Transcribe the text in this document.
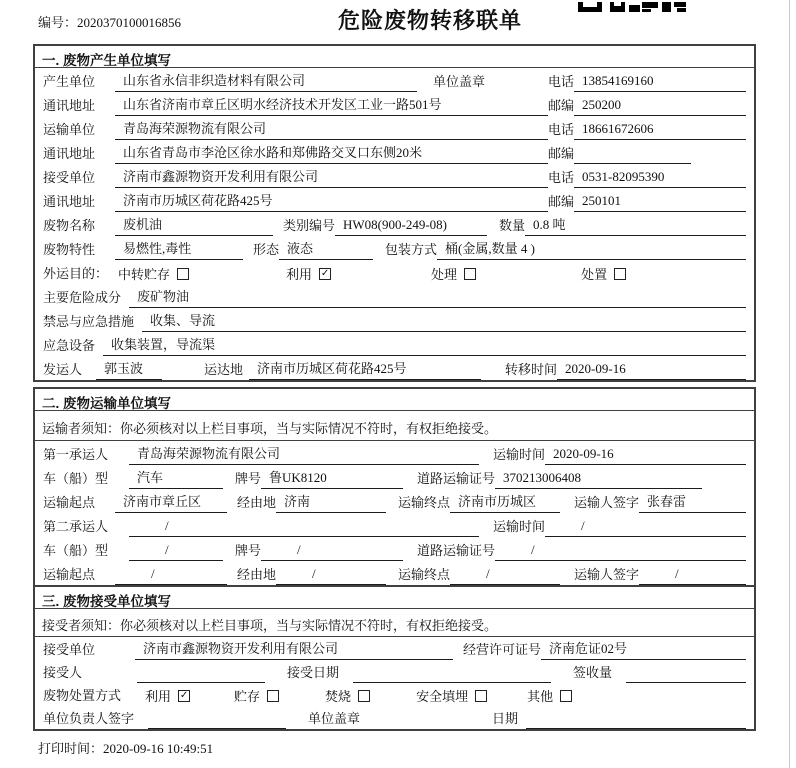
编号：2020370100016856	危险废物转移联单
一. 废物产生单位填写
产生单位	山东省永信非织造材料有限公司	单位盖章	电话 13854169160
通讯地址	山东省济南市章丘区明水经济技术开发区工业一路501号	邮编 250200
运输单位	青岛海荣源物流有限公司	电话 18661672606
通讯地址	山东省青岛市李沧区徐水路和郑佛路交叉口东侧20米	邮编
接受单位	济南市鑫源物资开发利用有限公司	电话 0531-82095390
通讯地址	济南市历城区荷花路425号	邮编 250101
废物名称	废机油	类别编号 HW08(900-249-08)	数量 0.8 吨
废物特性	易燃性,毒性	形态 液态	包装方式 桶(金属,数量 4 )
外运目的： 中转贮存	利用 ✓	处理	处置
主要危险成分	废矿物油
禁忌与应急措施	收集、导流
应急设备	收集装置，导流渠
发运人	郭玉波	运达地	济南市历城区荷花路425号	转移时间 2020-09-16
二. 废物运输单位填写
运输者须知：你必须核对以上栏目事项，当与实际情况不符时，有权拒绝接受。
第一承运人	青岛海荣源物流有限公司	运输时间 2020-09-16
车（船）型	汽车	牌号 鲁UK8120	道路运输证号 370213006408
运输起点	济南市章丘区	经由地 济南	运输终点 济南市历城区	运输人签字 张春雷
第二承运人	/	运输时间	/
车（船）型	/	牌号	/	道路运输证号	/
运输起点	/	经由地	/	运输终点	/	运输人签字	/
三. 废物接受单位填写
接受者须知：你必须核对以上栏目事项，当与实际情况不符时，有权拒绝接受。
接受单位	济南市鑫源物资开发利用有限公司	经营许可证号 济南危证02号
接受人	接受日期	签收量
废物处置方式 利用 ✓	贮存	焚烧	安全填埋	其他
单位负责人签字	单位盖章	日期
打印时间：2020-09-16 10:49:51
